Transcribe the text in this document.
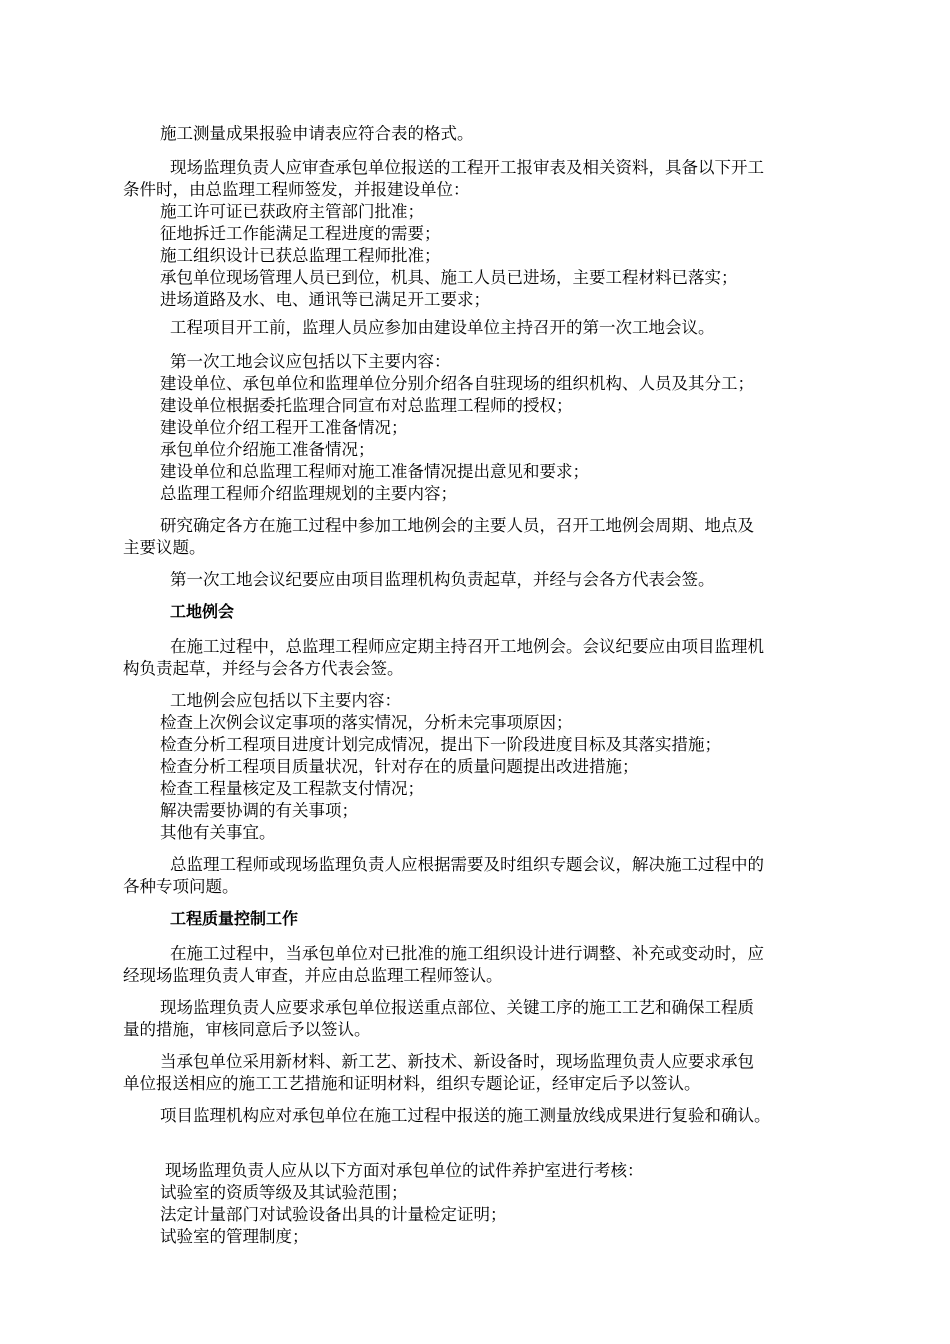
施工测量成果报验申请表应符合表的格式。
现场监理负责人应审查承包单位报送的工程开工报审表及相关资料，具备以下开工
条件时，由总监理工程师签发，并报建设单位：
施工许可证已获政府主管部门批准；
征地拆迁工作能满足工程进度的需要；
施工组织设计已获总监理工程师批准；
承包单位现场管理人员已到位，机具、施工人员已进场，主要工程材料已落实；
进场道路及水、电、通讯等已满足开工要求；
工程项目开工前，监理人员应参加由建设单位主持召开的第一次工地会议。
第一次工地会议应包括以下主要内容：
建设单位、承包单位和监理单位分别介绍各自驻现场的组织机构、人员及其分工；
建设单位根据委托监理合同宣布对总监理工程师的授权；
建设单位介绍工程开工准备情况；
承包单位介绍施工准备情况；
建设单位和总监理工程师对施工准备情况提出意见和要求；
总监理工程师介绍监理规划的主要内容；
研究确定各方在施工过程中参加工地例会的主要人员，召开工地例会周期、地点及
主要议题。
第一次工地会议纪要应由项目监理机构负责起草，并经与会各方代表会签。
工地例会
在施工过程中，总监理工程师应定期主持召开工地例会。会议纪要应由项目监理机
构负责起草，并经与会各方代表会签。
工地例会应包括以下主要内容：
检查上次例会议定事项的落实情况，分析未完事项原因；
检查分析工程项目进度计划完成情况，提出下一阶段进度目标及其落实措施；
检查分析工程项目质量状况，针对存在的质量问题提出改进措施；
检查工程量核定及工程款支付情况；
解决需要协调的有关事项；
其他有关事宜。
总监理工程师或现场监理负责人应根据需要及时组织专题会议，解决施工过程中的
各种专项问题。
工程质量控制工作
在施工过程中，当承包单位对已批准的施工组织设计进行调整、补充或变动时，应
经现场监理负责人审查，并应由总监理工程师签认。
现场监理负责人应要求承包单位报送重点部位、关键工序的施工工艺和确保工程质
量的措施，审核同意后予以签认。
当承包单位采用新材料、新工艺、新技术、新设备时，现场监理负责人应要求承包
单位报送相应的施工工艺措施和证明材料，组织专题论证，经审定后予以签认。
项目监理机构应对承包单位在施工过程中报送的施工测量放线成果进行复验和确认。
现场监理负责人应从以下方面对承包单位的试件养护室进行考核：
试验室的资质等级及其试验范围；
法定计量部门对试验设备出具的计量检定证明；
试验室的管理制度；
